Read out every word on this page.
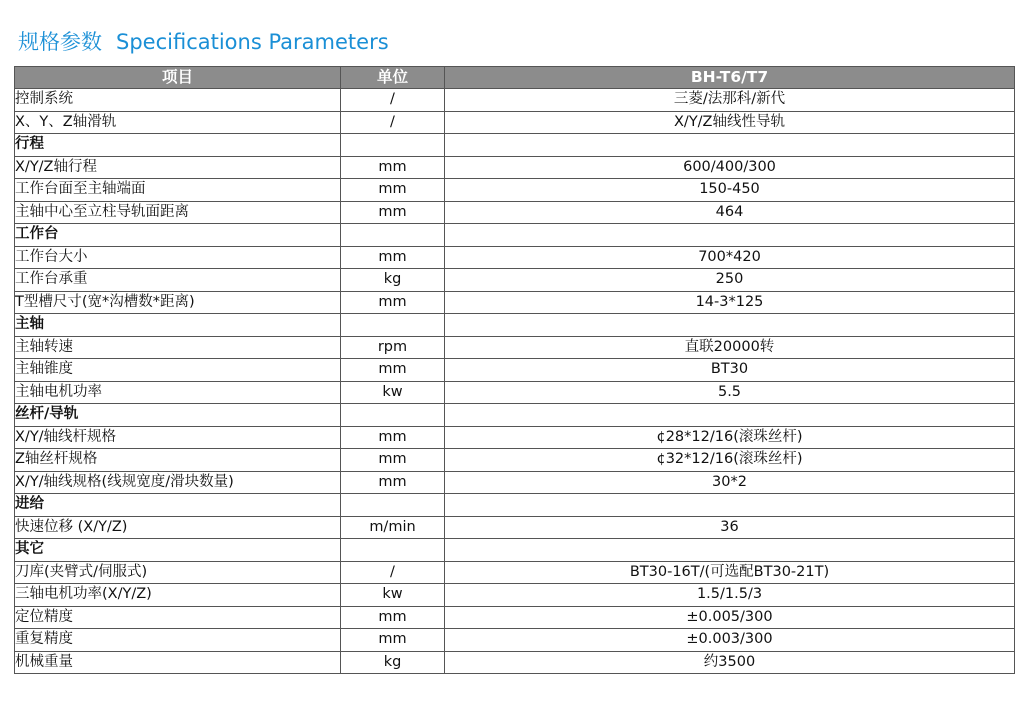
规格参数 Specifications Parameters
项目	单位	BH-T6/T7
控制系统	/	三菱/法那科/新代
X、Y、Z轴滑轨	/	X/Y/Z轴线性导轨
行程		
X/Y/Z轴行程	mm	600/400/300
工作台面至主轴端面	mm	150-450
主轴中心至立柱导轨面距离	mm	464
工作台		
工作台大小	mm	700*420
工作台承重	kg	250
T型槽尺寸(宽*沟槽数*距离)	mm	14-3*125
主轴		
主轴转速	rpm	直联20000转
主轴锥度	mm	BT30
主轴电机功率	kw	5.5
丝杆/导轨		
X/Y/轴线杆规格	mm	¢28*12/16(滚珠丝杆)
Z轴丝杆规格	mm	¢32*12/16(滚珠丝杆)
X/Y/轴线规格(线规宽度/滑块数量)	mm	30*2
进给		
快速位移 (X/Y/Z)	m/min	36
其它		
刀库(夹臂式/伺服式)	/	BT30-16T/(可选配BT30-21T)
三轴电机功率(X/Y/Z)	kw	1.5/1.5/3
定位精度	mm	±0.005/300
重复精度	mm	±0.003/300
机械重量	kg	约3500
